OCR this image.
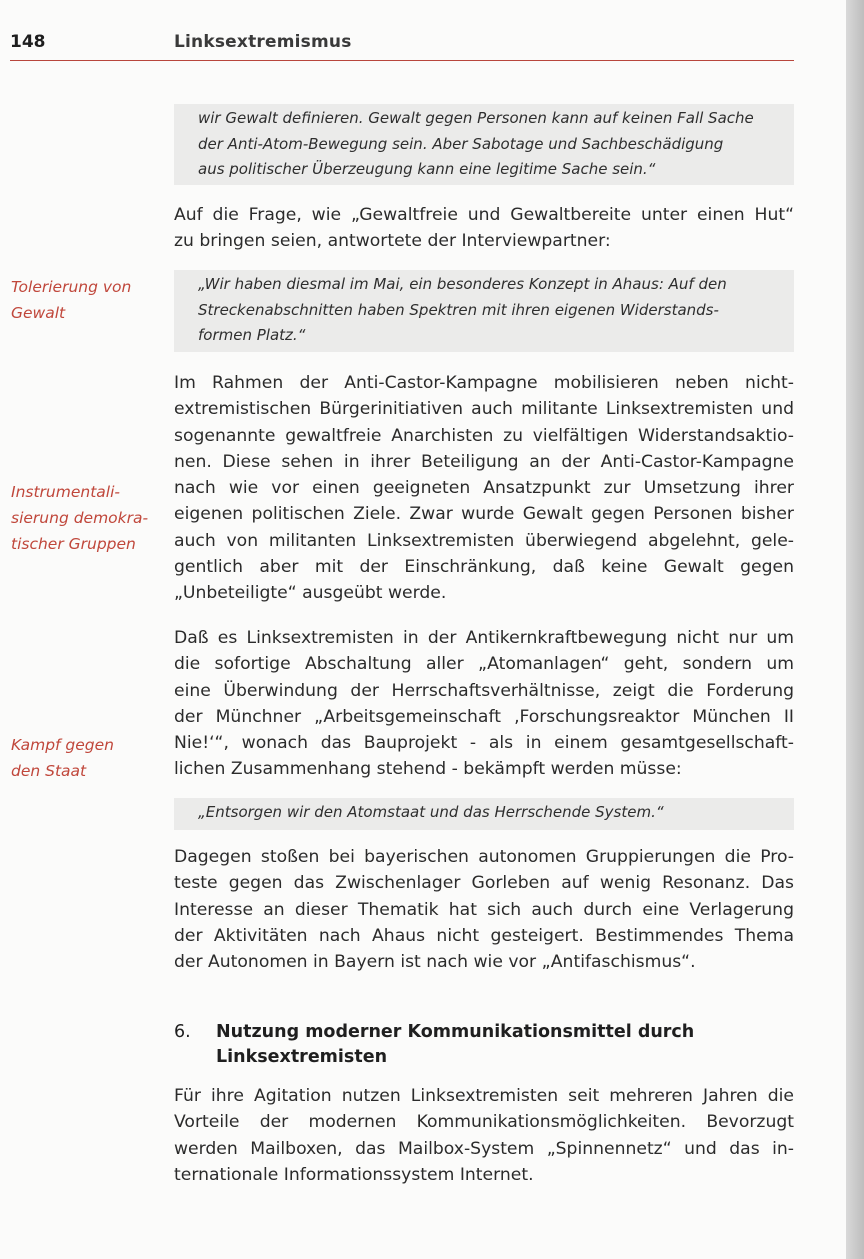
148	Linksextremismus
wir Gewalt definieren. Gewalt gegen Personen kann auf keinen Fall Sache
der Anti-Atom-Bewegung sein. Aber Sabotage und Sachbeschädigung
aus politischer Überzeugung kann eine legitime Sache sein.“
Auf die Frage, wie „Gewaltfreie und Gewaltbereite unter einen Hut“
zu bringen seien, antwortete der Interviewpartner:
Tolerierung von
Gewalt
„Wir haben diesmal im Mai, ein besonderes Konzept in Ahaus: Auf den
Streckenabschnitten haben Spektren mit ihren eigenen Widerstands-
formen Platz.“
Im Rahmen der Anti-Castor-Kampagne mobilisieren neben nicht-
extremistischen Bürgerinitiativen auch militante Linksextremisten und
sogenannte gewaltfreie Anarchisten zu vielfältigen Widerstandsaktio-
nen. Diese sehen in ihrer Beteiligung an der Anti-Castor-Kampagne
nach wie vor einen geeigneten Ansatzpunkt zur Umsetzung ihrer
eigenen politischen Ziele. Zwar wurde Gewalt gegen Personen bisher
auch von militanten Linksextremisten überwiegend abgelehnt, gele-
gentlich aber mit der Einschränkung, daß keine Gewalt gegen
„Unbeteiligte“ ausgeübt werde.
Instrumentali-
sierung demokra-
tischer Gruppen
Daß es Linksextremisten in der Antikernkraftbewegung nicht nur um
die sofortige Abschaltung aller „Atomanlagen“ geht, sondern um
eine Überwindung der Herrschaftsverhältnisse, zeigt die Forderung
der Münchner „Arbeitsgemeinschaft ‚Forschungsreaktor München II
Nie!‘“, wonach das Bauprojekt - als in einem gesamtgesellschaft-
lichen Zusammenhang stehend - bekämpft werden müsse:
Kampf gegen
den Staat
„Entsorgen wir den Atomstaat und das Herrschende System.“
Dagegen stoßen bei bayerischen autonomen Gruppierungen die Pro-
teste gegen das Zwischenlager Gorleben auf wenig Resonanz. Das
Interesse an dieser Thematik hat sich auch durch eine Verlagerung
der Aktivitäten nach Ahaus nicht gesteigert. Bestimmendes Thema
der Autonomen in Bayern ist nach wie vor „Antifaschismus“.
6. Nutzung moderner Kommunikationsmittel durch
Linksextremisten
Für ihre Agitation nutzen Linksextremisten seit mehreren Jahren die
Vorteile der modernen Kommunikationsmöglichkeiten. Bevorzugt
werden Mailboxen, das Mailbox-System „Spinnennetz“ und das in-
ternationale Informationssystem Internet.
